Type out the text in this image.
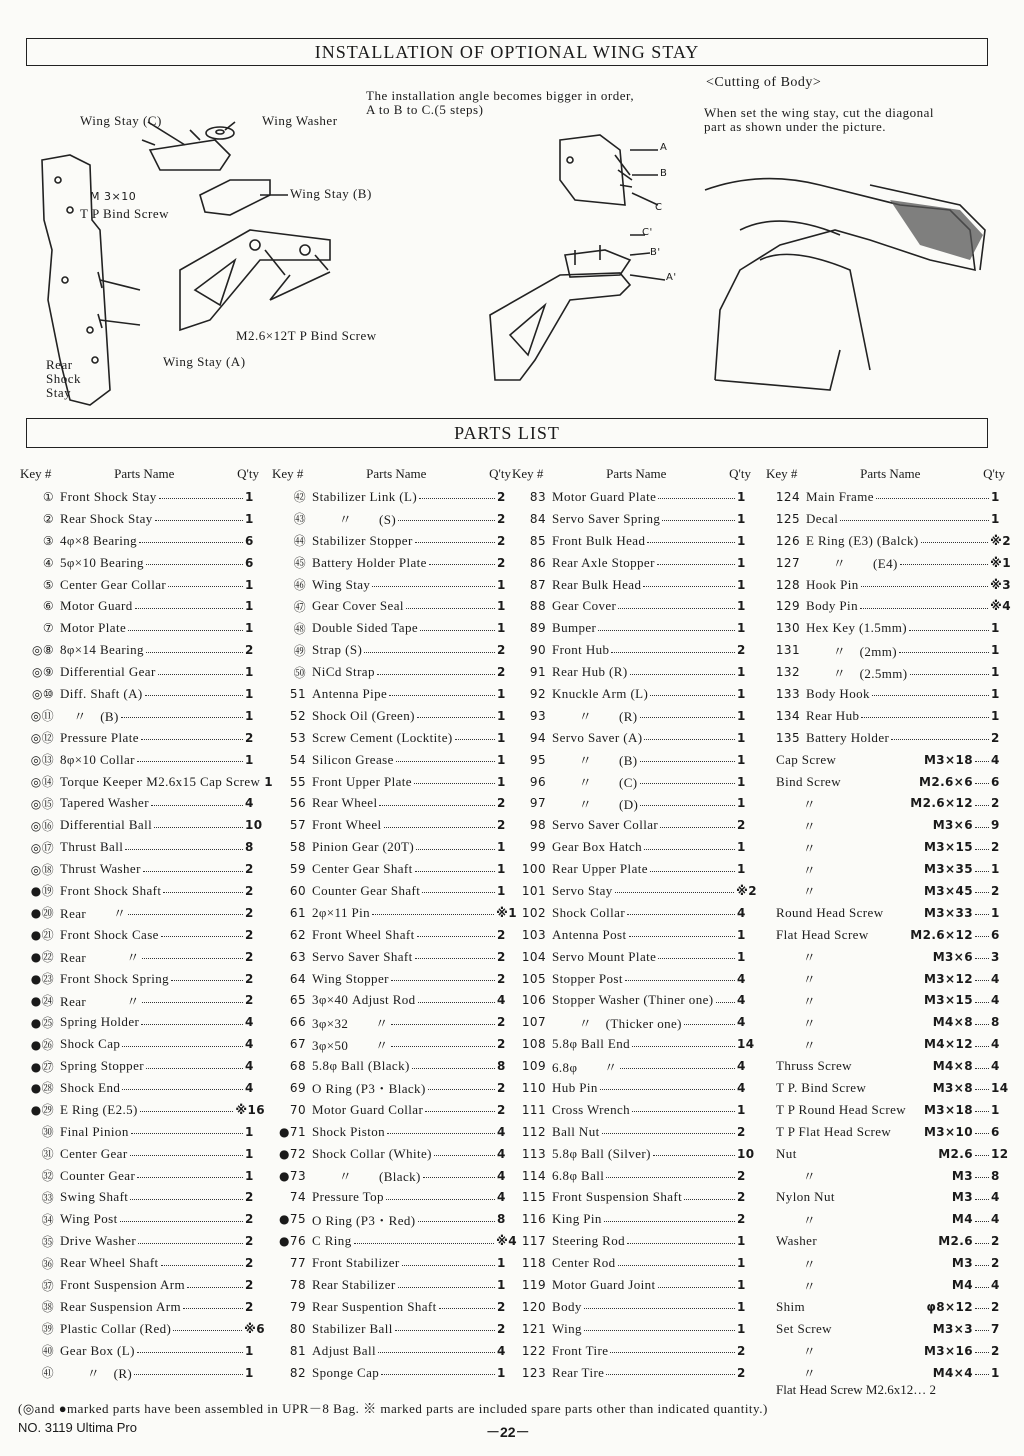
INSTALLATION OF OPTIONAL WING STAY
Wing Stay (C)	Wing Washer
M 3×10
T P Bind Screw
Wing Stay (B)
M2.6×12T P Bind Screw
Rear Shock Stay
Wing Stay (A)
The installation angle becomes bigger in order, A to B to C.(5 steps)
A
B
C
C'
B'
A'
<Cutting of Body>
When set the wing stay, cut the diagonal part as shown under the picture.
PARTS LIST
Key #	Parts Name	Q'ty
① Front Shock Stay	1
② Rear Shock Stay	1
③ 4φ×8 Bearing	6
④ 5φ×10 Bearing	6
⑤ Center Gear Collar	1
⑥ Motor Guard	1
⑦ Motor Plate	1
◎⑧ 8φ×14 Bearing	2
◎⑨ Differential Gear	1
◎⑩ Diff. Shaft (A)	1
◎⑪ 　〃　(B)	1
◎⑫ Pressure Plate	2
◎⑬ 8φ×10 Collar	1
◎⑭ Torque Keeper M2.6x15 Cap Screw 1
◎⑮ Tapered Washer	4
◎⑯ Differential Ball	10
◎⑰ Thrust Ball	8
◎⑱ Thrust Washer	2
●⑲ Front Shock Shaft	2
●⑳ Rear　　〃	2
●㉑ Front Shock Case	2
●㉒ Rear　　　〃	2
●㉓ Front Shock Spring	2
●㉔ Rear　　　〃	2
●㉕ Spring Holder	4
●㉖ Shock Cap	4
●㉗ Spring Stopper	4
●㉘ Shock End	4
●㉙ E Ring (E2.5)	※16
㉚ Final Pinion	1
㉛ Center Gear	1
㉜ Counter Gear	1
㉝ Swing Shaft	2
㉞ Wing Post	2
㉟ Drive Washer	2
㊱ Rear Wheel Shaft	2
㊲ Front Suspension Arm	2
㊳ Rear Suspension Arm	2
㊴ Plastic Collar (Red)	※6
㊵ Gear Box (L)	1
㊶ 　　〃　(R)	1
Key #	Parts Name	Q'ty
㊷ Stabilizer Link (L)	2
㊸ 　　〃　　(S)	2
㊹ Stabilizer Stopper	2
㊺ Battery Holder Plate	2
㊻ Wing Stay	1
㊼ Gear Cover Seal	1
㊽ Double Sided Tape	1
㊾ Strap (S)	2
㊿ NiCd Strap	2
51 Antenna Pipe	1
52 Shock Oil (Green)	1
53 Screw Cement (Locktite)	1
54 Silicon Grease	1
55 Front Upper Plate	1
56 Rear Wheel	2
57 Front Wheel	2
58 Pinion Gear (20T)	1
59 Center Gear Shaft	1
60 Counter Gear Shaft	1
61 2φ×11 Pin	※1
62 Front Wheel Shaft	2
63 Servo Saver Shaft	2
64 Wing Stopper	2
65 3φ×40 Adjust Rod	4
66 3φ×32　　〃	2
67 3φ×50　　〃	2
68 5.8φ Ball (Black)	8
69 O Ring (P3・Black)	2
70 Motor Guard Collar	2
●71 Shock Piston	4
●72 Shock Collar (White)	4
●73 　　〃　　(Black)	4
74 Pressure Top	4
●75 O Ring (P3・Red)	8
●76 C Ring	※4
77 Front Stabilizer	1
78 Rear Stabilizer	1
79 Rear Suspention Shaft	2
80 Stabilizer Ball	2
81 Adjust Ball	4
82 Sponge Cap	1
Key #	Parts Name	Q'ty
83 Motor Guard Plate	1
84 Servo Saver Spring	1
85 Front Bulk Head	1
86 Rear Axle Stopper	1
87 Rear Bulk Head	1
88 Gear Cover	1
89 Bumper	1
90 Front Hub	2
91 Rear Hub (R)	1
92 Knuckle Arm (L)	1
93 　　〃　　(R)	1
94 Servo Saver (A)	1
95 　　〃　　(B)	1
96 　　〃　　(C)	1
97 　　〃　　(D)	1
98 Servo Saver Collar	2
99 Gear Box Hatch	1
100 Rear Upper Plate	1
101 Servo Stay	※2
102 Shock Collar	4
103 Antenna Post	1
104 Servo Mount Plate	1
105 Stopper Post	4
106 Stopper Washer (Thiner one) 4
107 　　〃　(Thicker one)	4
108 5.8φ Ball End	14
109 6.8φ　　〃	4
110 Hub Pin	4
111 Cross Wrench	1
112 Ball Nut	2
113 5.8φ Ball (Silver)	10
114 6.8φ Ball	2
115 Front Suspension Shaft	2
116 King Pin	2
117 Steering Rod	1
118 Center Rod	1
119 Motor Guard Joint	1
120 Body	1
121 Wing	1
122 Front Tire	2
123 Rear Tire	2
Key #	Parts Name	Q'ty
124 Main Frame	1
125 Decal	1
126 E Ring (E3) (Balck)	※2
127 　　〃　　(E4)	※1
128 Hook Pin	※3
129 Body Pin	※4
130 Hex Key (1.5mm)	1
131 　　〃　(2mm)	1
132 　　〃　(2.5mm)	1
133 Body Hook	1
134 Rear Hub	1
135 Battery Holder	2
Cap Screw	M3×18 4
Bind Screw	M2.6×6 6
　　〃	M2.6×12 2
　　〃	M3×6 9
　　〃	M3×15 2
　　〃	M3×35 1
　　〃	M3×45 2
Round Head Screw	M3×33 1
Flat Head Screw	M2.6×12 6
　　〃	M3×6 3
　　〃	M3×12 4
　　〃	M3×15 4
　　〃	M4×8 8
　　〃	M4×12 4
Thruss Screw	M4×8 4
T P. Bind Screw	M3×8 14
T P Round Head Screw M3×18 1
T P Flat Head Screw	M3×10 6
Nut	M2.6 12
　　〃	M3 8
Nylon Nut	M3 4
　　〃	M4 4
Washer	M2.6 2
　　〃	M3 2
　　〃	M4 4
Shim	φ8×12 2
Set Screw	M3×3 7
　　〃	M3×16 2
　　〃	M4×4 1
Flat Head Screw M2.6x12… 2
(◎and ●marked parts have been assembled in UPR－8 Bag. ※ marked parts are included spare parts other than indicated quantity.)
NO. 3119 Ultima Pro	－22－
